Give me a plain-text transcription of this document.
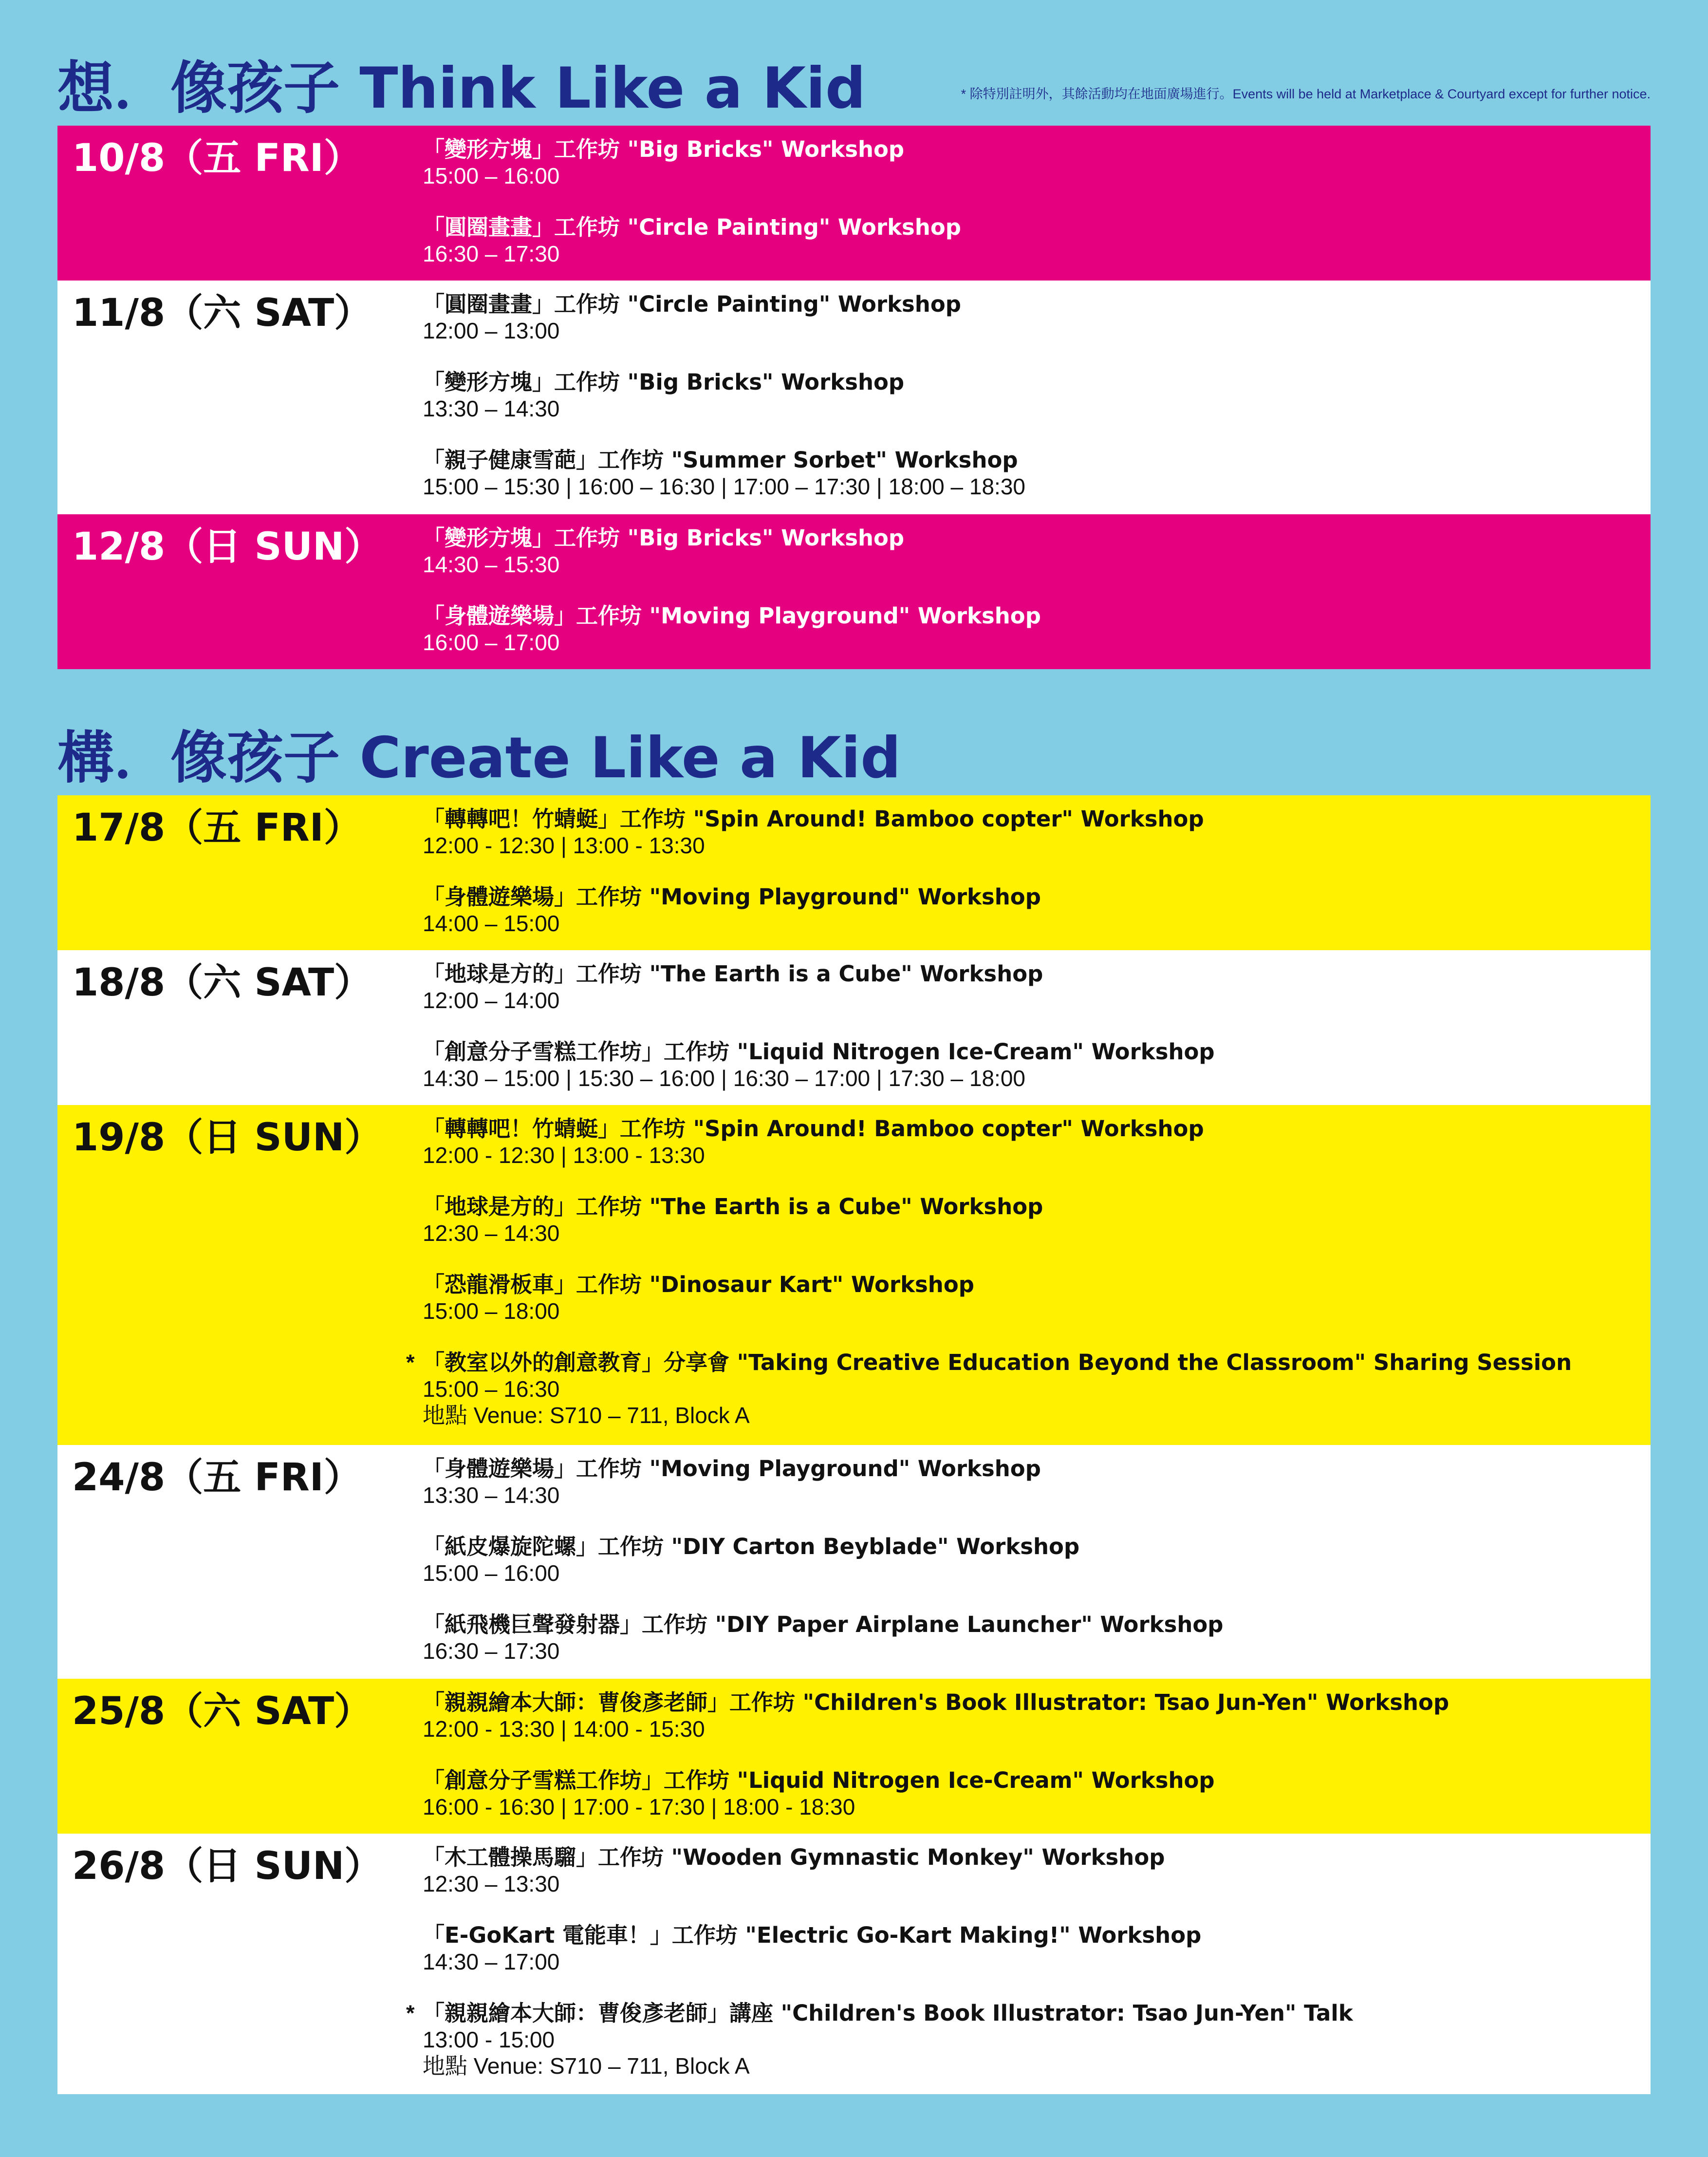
想．像孩子 Think Like a Kid	* 除特別註明外，其餘活動均在地面廣場進行。Events will be held at Marketplace & Courtyard except for further notice.
10/8（五 FRI）	「變形方塊」工作坊 "Big Bricks" Workshop
15:00 – 16:00
「圓圈畫畫」工作坊 "Circle Painting" Workshop
16:30 – 17:30
11/8（六 SAT） 「圓圈畫畫」工作坊 "Circle Painting" Workshop
12:00 – 13:00
「變形方塊」工作坊 "Big Bricks" Workshop
13:30 – 14:30
「親子健康雪葩」工作坊 "Summer Sorbet" Workshop
15:00 – 15:30 | 16:00 – 16:30 | 17:00 – 17:30 | 18:00 – 18:30
12/8（日 SUN） 「變形方塊」工作坊 "Big Bricks" Workshop
14:30 – 15:30
「身體遊樂場」工作坊 "Moving Playground" Workshop
16:00 – 17:00
構．像孩子 Create Like a Kid
17/8（五 FRI）	「轉轉吧！竹蜻蜓」工作坊 "Spin Around! Bamboo copter" Workshop
12:00 - 12:30 | 13:00 - 13:30
「身體遊樂場」工作坊 "Moving Playground" Workshop
14:00 – 15:00
18/8（六 SAT） 「地球是方的」工作坊 "The Earth is a Cube" Workshop
12:00 – 14:00
「創意分子雪糕工作坊」工作坊 "Liquid Nitrogen Ice-Cream" Workshop
14:30 – 15:00 | 15:30 – 16:00 | 16:30 – 17:00 | 17:30 – 18:00
19/8（日 SUN） 「轉轉吧！竹蜻蜓」工作坊 "Spin Around! Bamboo copter" Workshop
12:00 - 12:30 | 13:00 - 13:30
「地球是方的」工作坊 "The Earth is a Cube" Workshop
12:30 – 14:30
「恐龍滑板車」工作坊 "Dinosaur Kart" Workshop
15:00 – 18:00
* 「教室以外的創意教育」分享會 "Taking Creative Education Beyond the Classroom" Sharing Session
15:00 – 16:30
地點 Venue: S710 – 711, Block A
24/8（五 FRI）	「身體遊樂場」工作坊 "Moving Playground" Workshop
13:30 – 14:30
「紙皮爆旋陀螺」工作坊 "DIY Carton Beyblade" Workshop
15:00 – 16:00
「紙飛機巨聲發射器」工作坊 "DIY Paper Airplane Launcher" Workshop
16:30 – 17:30
25/8（六 SAT） 「親親繪本大師：曹俊彥老師」工作坊 "Children's Book Illustrator: Tsao Jun-Yen" Workshop
12:00 - 13:30 | 14:00 - 15:30
「創意分子雪糕工作坊」工作坊 "Liquid Nitrogen Ice-Cream" Workshop
16:00 - 16:30 | 17:00 - 17:30 | 18:00 - 18:30
26/8（日 SUN） 「木工體操馬騮」工作坊 "Wooden Gymnastic Monkey" Workshop
12:30 – 13:30
「E-GoKart 電能車！」工作坊 "Electric Go-Kart Making!" Workshop
14:30 – 17:00
* 「親親繪本大師：曹俊彥老師」講座 "Children's Book Illustrator: Tsao Jun-Yen" Talk
13:00 - 15:00
地點 Venue: S710 – 711, Block A
